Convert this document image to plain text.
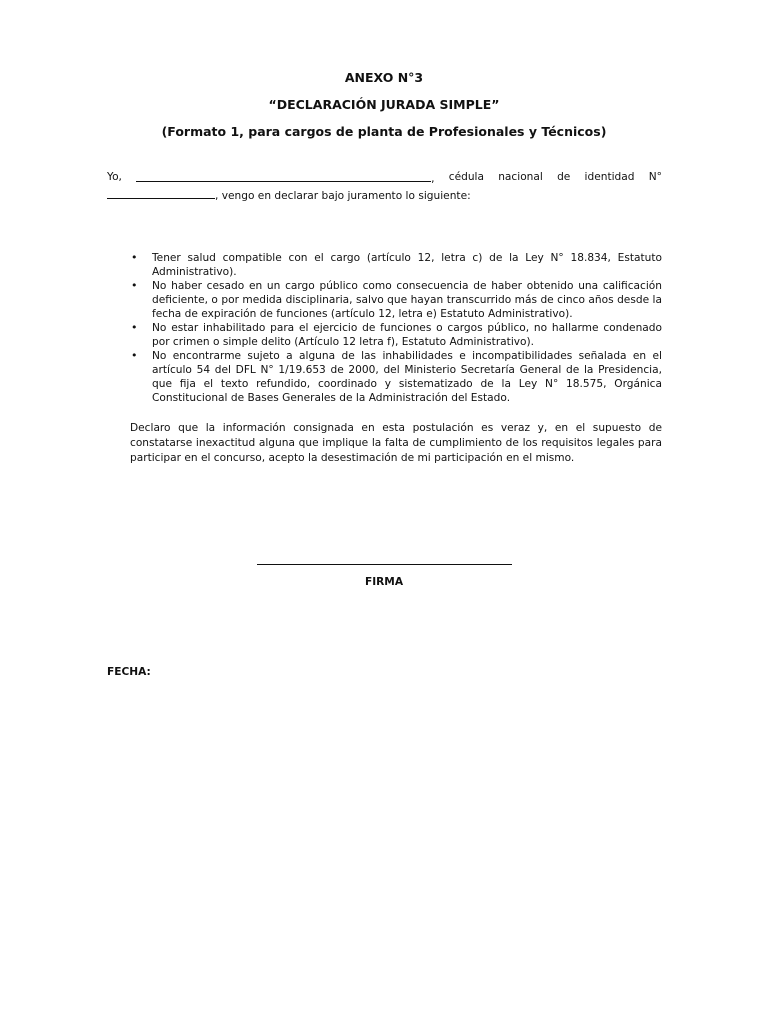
ANEXO N°3
“DECLARACIÓN JURADA SIMPLE”
(Formato 1, para cargos de planta de Profesionales y Técnicos)
Yo,	, cédula nacional de identidad N°
, vengo en declarar bajo juramento lo siguiente:
• Tener salud compatible con el cargo (artículo 12, letra c) de la Ley N° 18.834, Estatuto Administrativo).
• No haber cesado en un cargo público como consecuencia de haber obtenido una calificación deficiente, o por medida disciplinaria, salvo que hayan transcurrido más de cinco años desde la fecha de expiración de funciones (artículo 12, letra e) Estatuto Administrativo).
• No estar inhabilitado para el ejercicio de funciones o cargos público, no hallarme condenado por crimen o simple delito (Artículo 12 letra f), Estatuto Administrativo).
• No encontrarme sujeto a alguna de las inhabilidades e incompatibilidades señalada en el artículo 54 del DFL N° 1/19.653 de 2000, del Ministerio Secretaría General de la Presidencia, que fija el texto refundido, coordinado y sistematizado de la Ley N° 18.575, Orgánica Constitucional de Bases Generales de la Administración del Estado.
Declaro que la información consignada en esta postulación es veraz y, en el supuesto de constatarse inexactitud alguna que implique la falta de cumplimiento de los requisitos legales para participar en el concurso, acepto la desestimación de mi participación en el mismo.
FIRMA
FECHA:
